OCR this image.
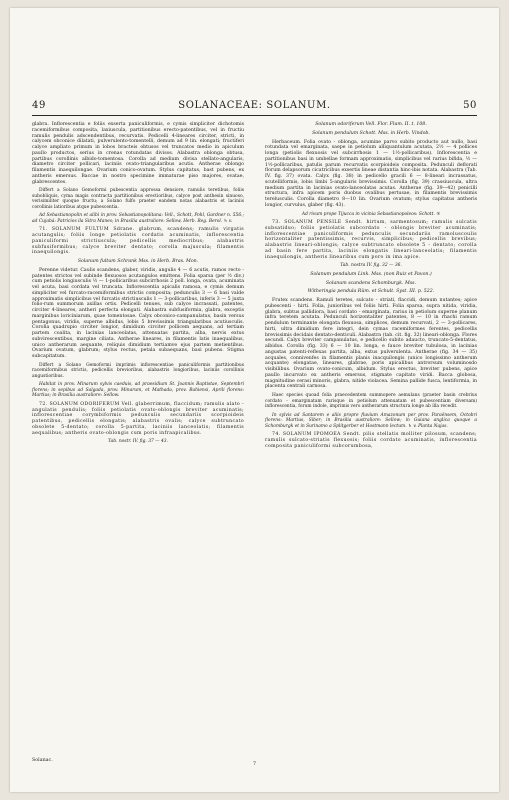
49	SOLANACEAE: SOLANUM.	50

glabra. Inflorescentia e foliis exserta paniculiformis, e cymis simpliciter dichotomis racemiformibus composita, laxiuscula, partitionibus erecto-patentibus, vel in fructiu ramulis pendulis adscendentibus, recurvatis. Pedicelli 4-lineares circiter, stricti, in calycem obconice dilatati, pulverulento-tomentelli, demum ad 9 lin. elongati; fructiferi calyce ampliato primum in lobos bracteis obtusos vel truncatos medio in apiculum paullo productos, serius in crenas rotundatas divisos. Alabastra oblonga obtusa, partibus corollinis albido-tomentosa. Corolla ad medium divisa stellato-angularis, diametro circiter pollicari, laciniis ovato-triangularibus acutis. Antherae oblongo filamentis inaequilongae. Ovarium conico-ovatum. Stylus capitatus, bast pubens, ex antheris emersus. Baccae in nostro speciminе immaturae piso majores, ovatae, glabrescentes.

Differt a Solano Gemoformi pubescentia approssa densiore, ramulis teretibus, foliis subobliquis, cyma magis contracta partitionibus erectioribus, calyce post anthesin sinuoso, verisimiliter quoque fructu; a Solano fulfo praeter eandem notas alabastris et laciniis corollinis latioribus atque pubescentia.

Ad Sebastianopolin et alibi in prov. Sebastianopolitana: Vell., Schott, Pohl, Gardner n. 556.; ad Cujabá: Patricios ila Sitra Manes; in Brasilia australiore: Sellow, Herb. Reg. Berol. ♄ v.

71. SOLANUM FULTUM Sdrane. glabrum, scandens; ramulis virgatis acutangulis; foliis longe petiolatis cordatis acuminatis, inflorescentia paniculiformi strictiuscula; pedicellis mediocribus; alabastris subfusiformibus; calyce breviter dentato; corolla majuscula; filamentis inaequilongis.

Solanum fultum Schrank Mss. in Herb. Bras. Mon.

Perenne videtur. Caulis scandens, glaber, viridis, angulis 4 — 6 acutis, ramos recto - patentes strictos vel subinde flexuosos acutangulos emittens. Folia sparsa (per ½ div.) cum petiolis longiusculis ½ — 1-pollicaribus subcirrhosis 2 poll. longa, ovata, acuminata vel acuta, basi cordata vel truncata. Inflorescentia apicalis ramosa, e cymis demum simpliciter vel furcato-racemiformibus strictis composita; pedunculis 3 — 6 basi valde approximatis simplicibus vel furcatis strictiusculis 1 — 3-pollicaribus, inferis 3 — 5 juxta folio-rum summorum axillas ortis. Pedicelli tenues, sub calyce incrassati, patentes, circiter 4-lineares, antheri perfecta elongati. Alabastra subfusiformia, glabra, exceptis marginibus loriciniarum, quae tomentosae. Calyx obconico-campanulatus, basin versus pentagonus, viridis, superne albidus, lobis 5 brevissimis triangularibus acutiusculis. Corolla quadrupio circiter longior, dimidium circiter pollicem aequans, ad tertiam partem coalita, in lacinias lanceolatas, attenuatas partita, alba, nervis extus subvirescentibus, margine ciliata. Antherae lineares, in filamentis latis inaequalibus, unico antherarum aequante, reliquis dimidium tertiamve ejus partem metientibus. Ovarium ovatum, glabrum; stylus rectus, petala subaequans, basi pubens. Stigma subcapitatum.

Differt a Solano Gemoformi imprimis inflorescentiae paniculiformis partitionibus racemiformibus strictis, pedicellis brevioribus, alabastris longioribus, laciniis corollinis angustioribus.

Habitat in prov. Minarum sylvis caeduis, ad praesidium St. Joannis Baptistae, Septembri florens; in sepibus ad Salgada, prov. Minarum, et Mathada, prov. Bahiensi, Aprili florens: Martius; in Brasilia australiore: Sellow.

72. SOLANUM ODORIFERUM Vell. glaberrimum, flaccidum; ramulis alato - angulatis pendulis; foliis petiolatis ovato-oblongis breviter acuminatis; inflorescentiae corymbiformis pedunculis secundariis scorpioideis patentibus, pedicellis elongatis; alabastris ovalis; calyce subtruncato obsolete 5-dentato; corolla 5-partita, laciniis lanceolatis; filamentis aequalibus; antheris ovato-oblongis cum poris infraapicalibus.

Tab. nostr. IV. fig. 37 — 43.

Solanum odoriferum Vell. Flor. Flum. II. t. 108.

Solanum pendulum Schott. Mss. in Herb. Vindob.

Herbaceum. Folia ovato - oblonga, acumine parvo subito producto aut nullo, basi rotundata vel emarginata, saepe in petiolum alliquantulum acutata, 2½ — 4 pollices longa (petiolis flexuosis vel subcirrhosis 1 — 1½-pollicaribus). Inflorescentia e partitionibus basi in umbellae formam approximatis, simplicibus vel rarius bifida, ½ — 1½-pollicaribus, patulis parum recurvatis scorpioideis composita. Pedunculi deflorati florum delapsorum cicatricibus exsertis lineae distantia hinc-ibis notata. Alabastra (Tab. IV. fig. 37) ovata. Calyx (fig. 38) in pedicello gracili 6 — 8-lineari incrassatus, scutelliformis, lobis limbi 5-angularis brevissimis. Corolla (fig. 39) crassiuscula, ultra medium partita in lacinias ovato-lanceolatas acutas. Antherae (fig. 39—42) penicilli structura, infra apicem poris duobus ovalibus pertusae, in filamentis brevissimis terelusculis. Corolla diametro 8—10 lin. Ovarium ovatum; stylus capitatus antheris longior, curvulus, glaber (fig. 43).

Ad rivum prope Tijucca in vicinia Sebastianopoleos: Schott. ♃

73. SOLANUM PENSILE Sendt. hirtum, sarmentosum; ramulis sulcatis subsatiduo; foliis petiolatis subcordato - oblongis breviter acuminatis; inflorescentiae paniculiformis pedunculis secundariis ramoluscoulis horizontaliter patentissimis, recurvis, simplicibus; pedicellis brevibus; alabastris lineari-oblongis; calyce subtruncato obsolete 5 - dentato; corolla ad basin fere partita, laciniis elongatis lineari-lanceolatis; filamentis inaequilongis, antheris linearibus cum poro in ima apice.

Tab. nostra IV. fig. 32 — 36.

Solanum pendulum Link. Mss. (non Ruiz et Pavon.)

Solanum scandens Schomburgk. Mss.

Witheringia pendula Rüm. et Schult. Syst. III. p. 522.

Frutex scandens. Ramuli teretes, sulcato - striati, flaccidi, demum nutantes; apice pubescenti - hirti. Folia, junioribus vel foliis hirti. Folia sparsa, supra nitida, viridia, glabra, subtus pallidiora, basi cordato - emarginata, rarius in petiolum superne planum infra teretem acutata. Pedunculi horizontaliter patentes, 8 — 10 in rhachi ramum pendulum terminante elongata flexuosa, simplices, demum recurvati, 2 — 3-pollicares, hirti, ultra dimidium fere integri, dein cymas racemiformes ferentes, pedicellis brevissimis decidais dentato-denticuli. Alabastra (tab. cit. fig. 32) lineari-oblonga. Flores secundi. Calyx breviter campanulatus, e pedicello subito adaucto, truncato-5-dentatus, albidus. Corolla (fig. 33) 6 — 10 lin. longa, e fauce breviter tubulosa, in lacinias angustas patenti-reflexas partita, alba, extus pulverulenta. Antherae (fig. 34 — 35) acquales, connivenfes in filamentis planis inacquilongis (unico longissimo antherum acquante) elongatae, lineares, glabrae, poris apicalibus antrorsum voluminosdo visibilibus. Ovarium ovato-conicum, albidum. Stylus erectus, breviter pubens, apice paullo incurvato ex antheris emersus, stigmate capitato viridi. Bacca globosa, magnitudine cerasi minoris, glabra, nitide violacea. Semina pallide fusca, lentiformia, in placenta centrali carnosa.

Haec species quoad folia praecedentem summopere aemulans (praeter basin crebrius cordato - emarginatam rarisque in petiolum attenuatam et pubescentiam diversam) inflorescentia, forum indole, imprimis vero antherarum structura longe ab illa recedit.

In sylvis ad Santarem e aliis propre fluvium Amazonum per prov. Paraënsem, Octobri florens: Martius, Siber; in Brasilia australiore: Sellow; in Guiana anglica quoque a Schomburgk et in Surinamo a Splitgerber et Hostmann lectum. ♄ v. Planta Najas.

74. SOLANUM IPOMOEA Sendt. pilis stellatis molliter pilosum, scandens; ramulis sulcato-striatis flexuosis; foliis cordato acuminatis, inflorescentia composita paniculiformi subcorumbosa,

Solanac.
7
